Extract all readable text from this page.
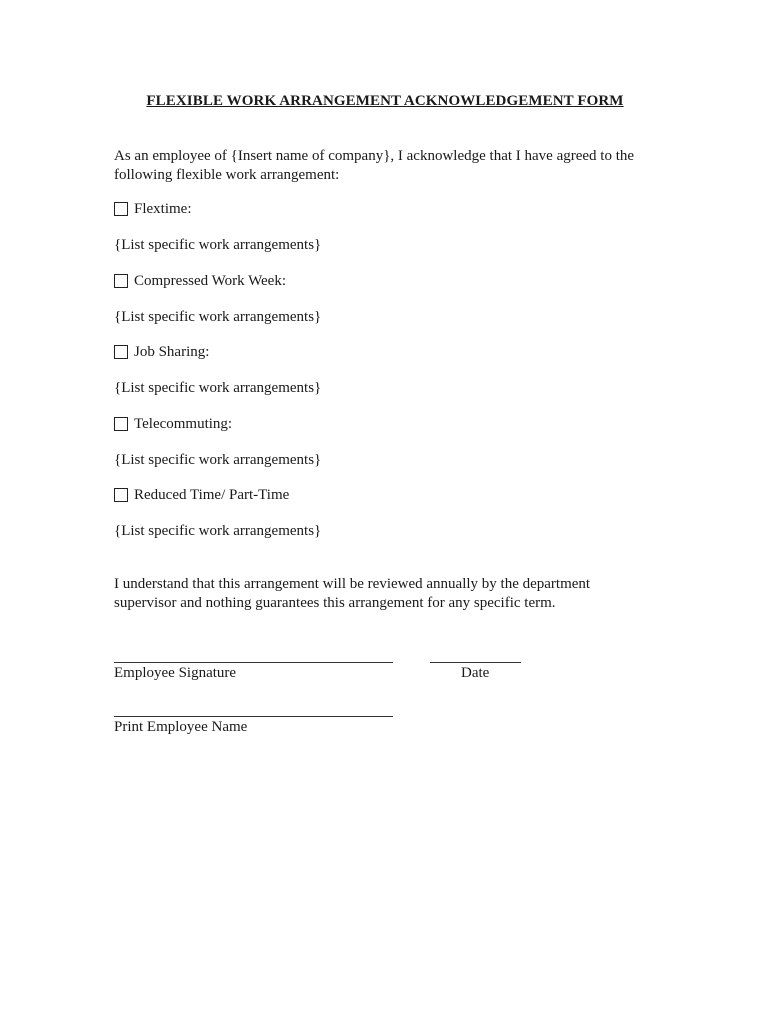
FLEXIBLE WORK ARRANGEMENT ACKNOWLEDGEMENT FORM
As an employee of {Insert name of company}, I acknowledge that I have agreed to the
following flexible work arrangement:
Flextime:
{List specific work arrangements}
Compressed Work Week:
{List specific work arrangements}
Job Sharing:
{List specific work arrangements}
Telecommuting:
{List specific work arrangements}
Reduced Time/ Part-Time
{List specific work arrangements}
I understand that this arrangement will be reviewed annually by the department
supervisor and nothing guarantees this arrangement for any specific term.
Employee Signature	Date
Print Employee Name
